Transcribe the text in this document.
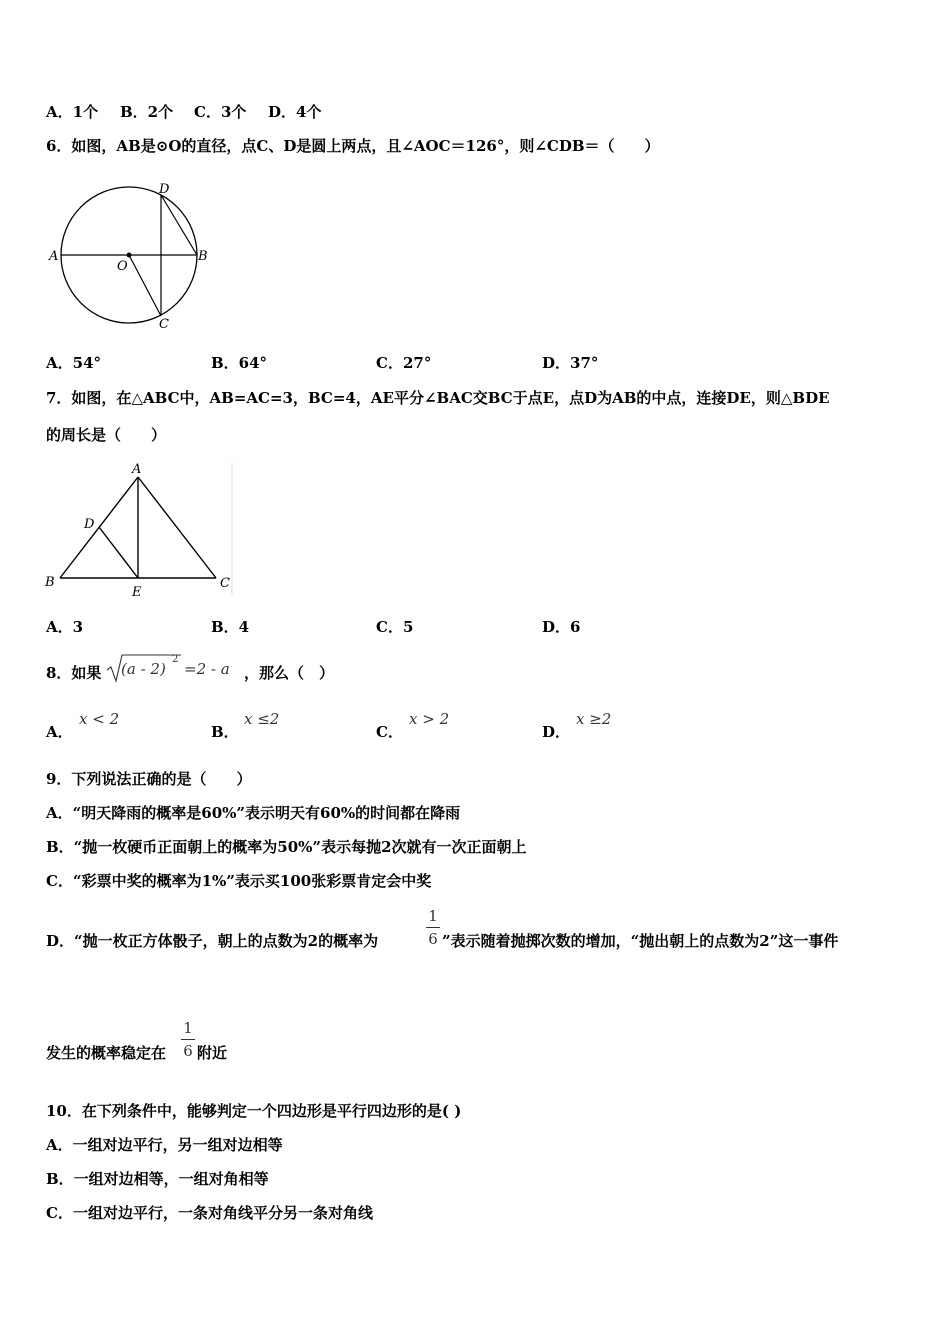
A．1个 B．2个 C．3个 D．4个
6．如图，AB是⊙O的直径，点C、D是圆上两点，且∠AOC＝126°，则∠CDB＝（　　）
A	B
C
D
O
A．54°	B．64°	C．27°	D．37°
7．如图，在△ABC中，AB=AC=3，BC=4，AE平分∠BAC交BC于点E，点D为AB的中点，连接DE，则△BDE
的周长是（　　）
A
B	C
D
E
A．3	B．4	C．5	D．6
8．如果 (a - 2)
2
=2 - a ，那么（　）
A．
x < 2
B．
x ≤2
C．
x > 2
D．
x ≥2
9．下列说法正确的是（　　）
A．“明天降雨的概率是60%”表示明天有60%的时间都在降雨
B．“抛一枚硬币正面朝上的概率为50%”表示每抛2次就有一次正面朝上
C．“彩票中奖的概率为1%”表示买100张彩票肯定会中奖
D．“抛一枚正方体骰子，朝上的点数为2的概率为
1
6 ”表示随着抛掷次数的增加，“抛出朝上的点数为2”这一事件
发生的概率稳定在
1
6 附近
10．在下列条件中，能够判定一个四边形是平行四边形的是( )
A．一组对边平行，另一组对边相等
B．一组对边相等，一组对角相等
C．一组对边平行，一条对角线平分另一条对角线
